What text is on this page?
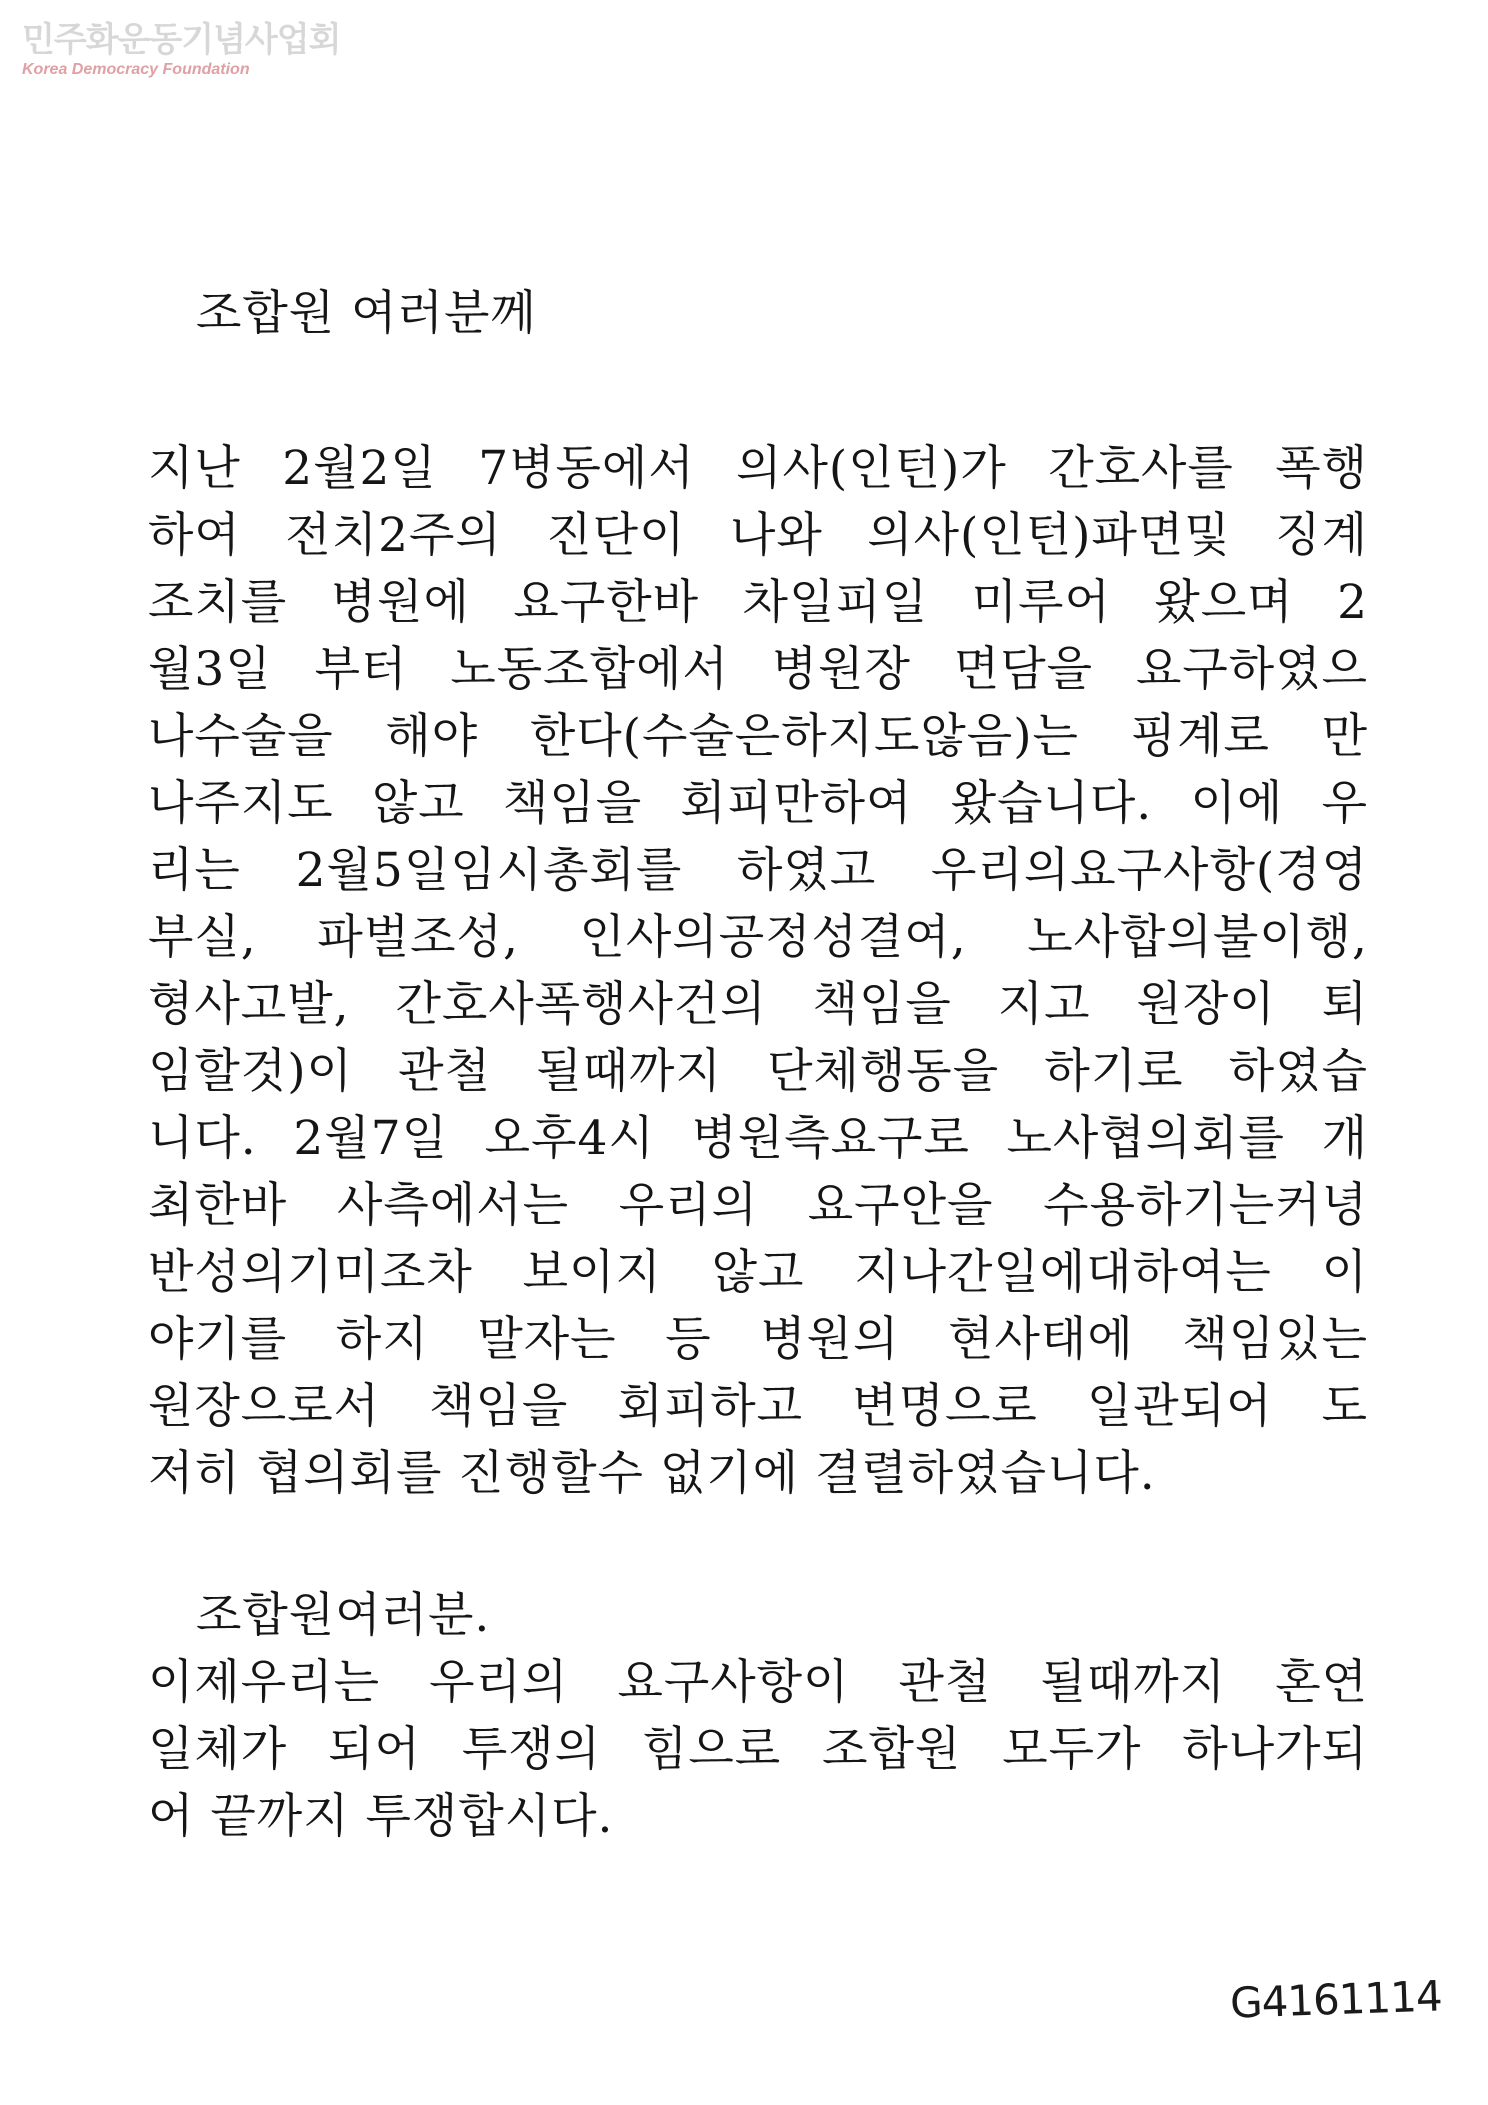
민주화운동기념사업회
Korea Democracy Foundation
조합원 여러분께
지난 2월2일 7병동에서 의사(인턴)가 간호사를 폭행
하여 전치2주의 진단이 나와 의사(인턴)파면및 징계
조치를 병원에 요구한바 차일피일 미루어 왔으며 2
월3일 부터 노동조합에서 병원장 면담을 요구하였으
나수술을 해야 한다(수술은하지도않음)는 핑계로 만
나주지도 않고 책임을 회피만하여 왔습니다. 이에 우
리는 2월5일임시총회를 하였고 우리의요구사항(경영
부실, 파벌조성, 인사의공정성결여, 노사합의불이행,
형사고발, 간호사폭행사건의 책임을 지고 원장이 퇴
임할것)이 관철 될때까지 단체행동을 하기로 하였습
니다. 2월7일 오후4시 병원측요구로 노사협의회를 개
최한바 사측에서는 우리의 요구안을 수용하기는커녕
반성의기미조차 보이지 않고 지나간일에대하여는 이
야기를 하지 말자는 등 병원의 현사태에 책임있는
원장으로서 책임을 회피하고 변명으로 일관되어 도
저히 협의회를 진행할수 없기에 결렬하였습니다.
조합원여러분.
이제우리는 우리의 요구사항이 관철 될때까지 혼연
일체가 되어 투쟁의 힘으로 조합원 모두가 하나가되
어 끝까지 투쟁합시다.
G4161114
